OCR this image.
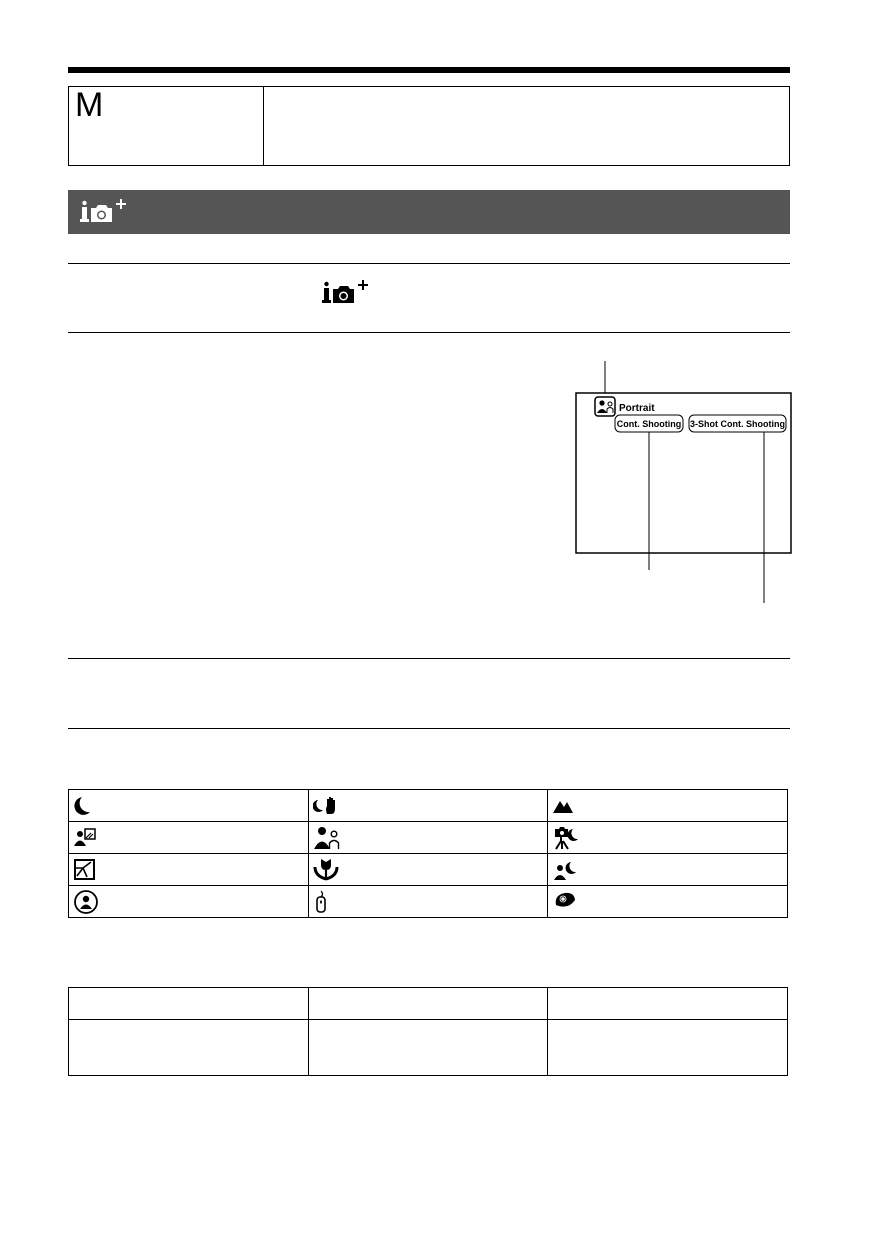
M
Portrait
Cont. Shooting 3-Shot Cont. Shooting
